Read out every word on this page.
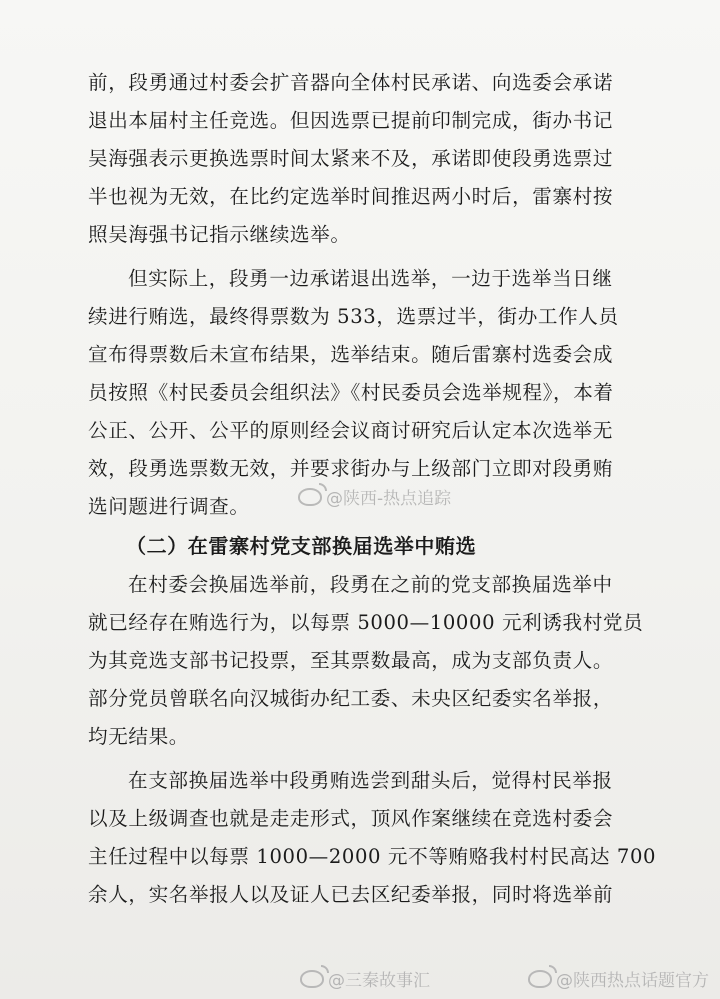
前，段勇通过村委会扩音器向全体村民承诺、向选委会承诺
退出本届村主任竞选。但因选票已提前印制完成，街办书记
吴海强表示更换选票时间太紧来不及，承诺即使段勇选票过
半也视为无效，在比约定选举时间推迟两小时后，雷寨村按
照吴海强书记指示继续选举。

但实际上，段勇一边承诺退出选举，一边于选举当日继
续进行贿选，最终得票数为 533，选票过半，街办工作人员
宣布得票数后未宣布结果，选举结束。随后雷寨村选委会成
员按照《村民委员会组织法》《村民委员会选举规程》，本着
公正、公开、公平的原则经会议商讨研究后认定本次选举无
效，段勇选票数无效，并要求街办与上级部门立即对段勇贿
选问题进行调查。

（二）在雷寨村党支部换届选举中贿选

在村委会换届选举前，段勇在之前的党支部换届选举中
就已经存在贿选行为，以每票 5000—10000 元利诱我村党员
为其竞选支部书记投票，至其票数最高，成为支部负责人。
部分党员曾联名向汉城街办纪工委、未央区纪委实名举报，
均无结果。

在支部换届选举中段勇贿选尝到甜头后，觉得村民举报
以及上级调查也就是走走形式，顶风作案继续在竞选村委会
主任过程中以每票 1000—2000 元不等贿赂我村村民高达 700
余人，实名举报人以及证人已去区纪委举报，同时将选举前

@陕西-热点追踪
@三秦故事汇	@陕西热点话题官方
